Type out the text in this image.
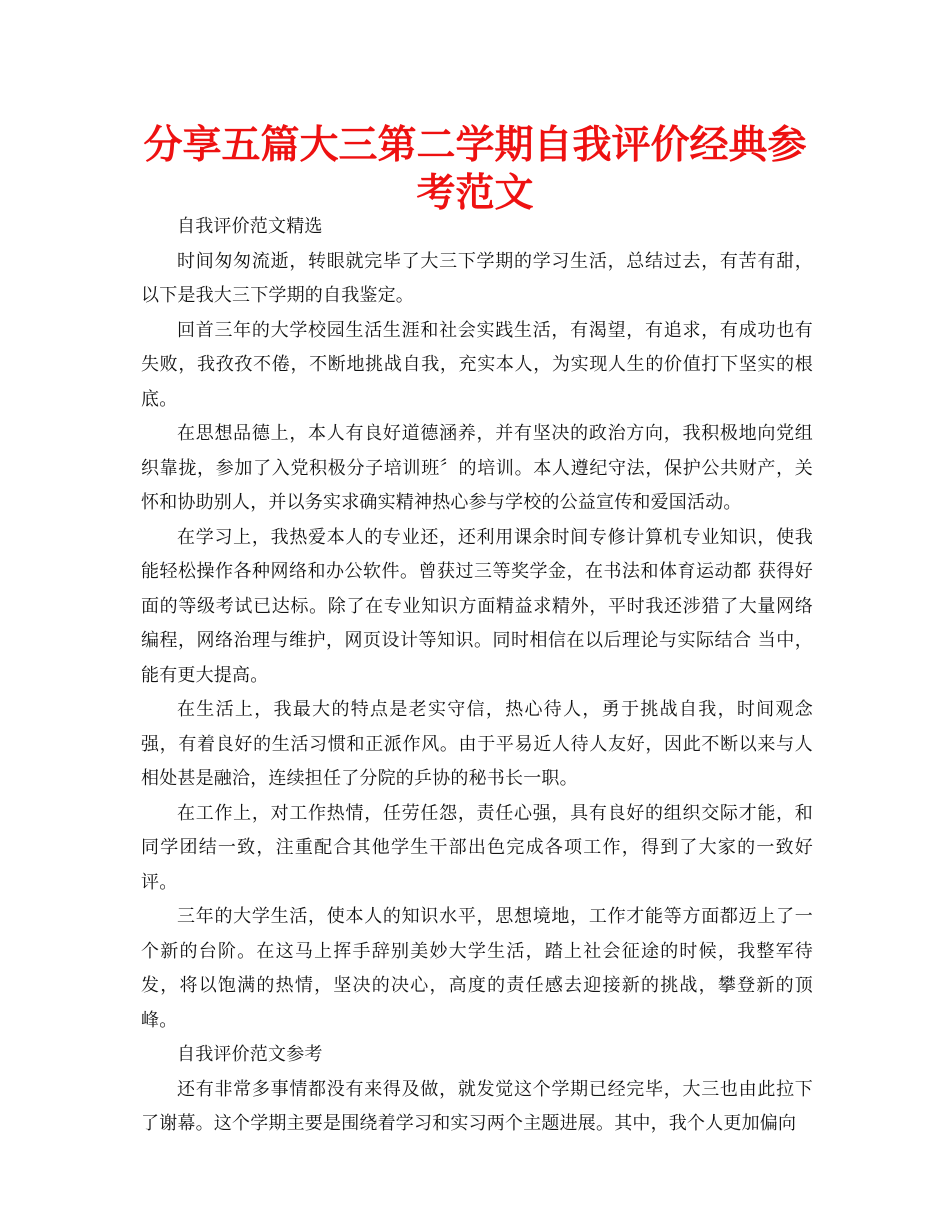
分享五篇大三第二学期自我评价经典参考范文

自我评价范文精选

时间匆匆流逝，转眼就完毕了大三下学期的学习生活，总结过去，有苦有甜，以下是我大三下学期的自我鉴定。

回首三年的大学校园生活生涯和社会实践生活，有渴望，有追求，有成功也有失败，我孜孜不倦，不断地挑战自我，充实本人，为实现人生的价值打下坚实的根底。

在思想品德上，本人有良好道德涵养，并有坚决的政治方向，我积极地向党组织靠拢，参加了入党积极分子培训班〞的培训。本人遵纪守法，保护公共财产，关怀和协助别人，并以务实求确实精神热心参与学校的公益宣传和爱国活动。

在学习上，我热爱本人的专业还，还利用课余时间专修计算机专业知识，使我能轻松操作各种网络和办公软件。曾获过三等奖学金，在书法和体育运动都 获得好面的等级考试已达标。除了在专业知识方面精益求精外，平时我还涉猎了大量网络编程，网络治理与维护，网页设计等知识。同时相信在以后理论与实际结合 当中，能有更大提高。

在生活上，我最大的特点是老实守信，热心待人，勇于挑战自我，时间观念强，有着良好的生活习惯和正派作风。由于平易近人待人友好，因此不断以来与人相处甚是融洽，连续担任了分院的乒协的秘书长一职。

在工作上，对工作热情，任劳任怨，责任心强，具有良好的组织交际才能，和同学团结一致，注重配合其他学生干部出色完成各项工作，得到了大家的一致好评。

三年的大学生活，使本人的知识水平，思想境地，工作才能等方面都迈上了一个新的台阶。在这马上挥手辞别美妙大学生活，踏上社会征途的时候，我整军待发，将以饱满的热情，坚决的决心，高度的责任感去迎接新的挑战，攀登新的顶峰。

自我评价范文参考

还有非常多事情都没有来得及做，就发觉这个学期已经完毕，大三也由此拉下了谢幕。这个学期主要是围绕着学习和实习两个主题进展。其中，我个人更加偏向
